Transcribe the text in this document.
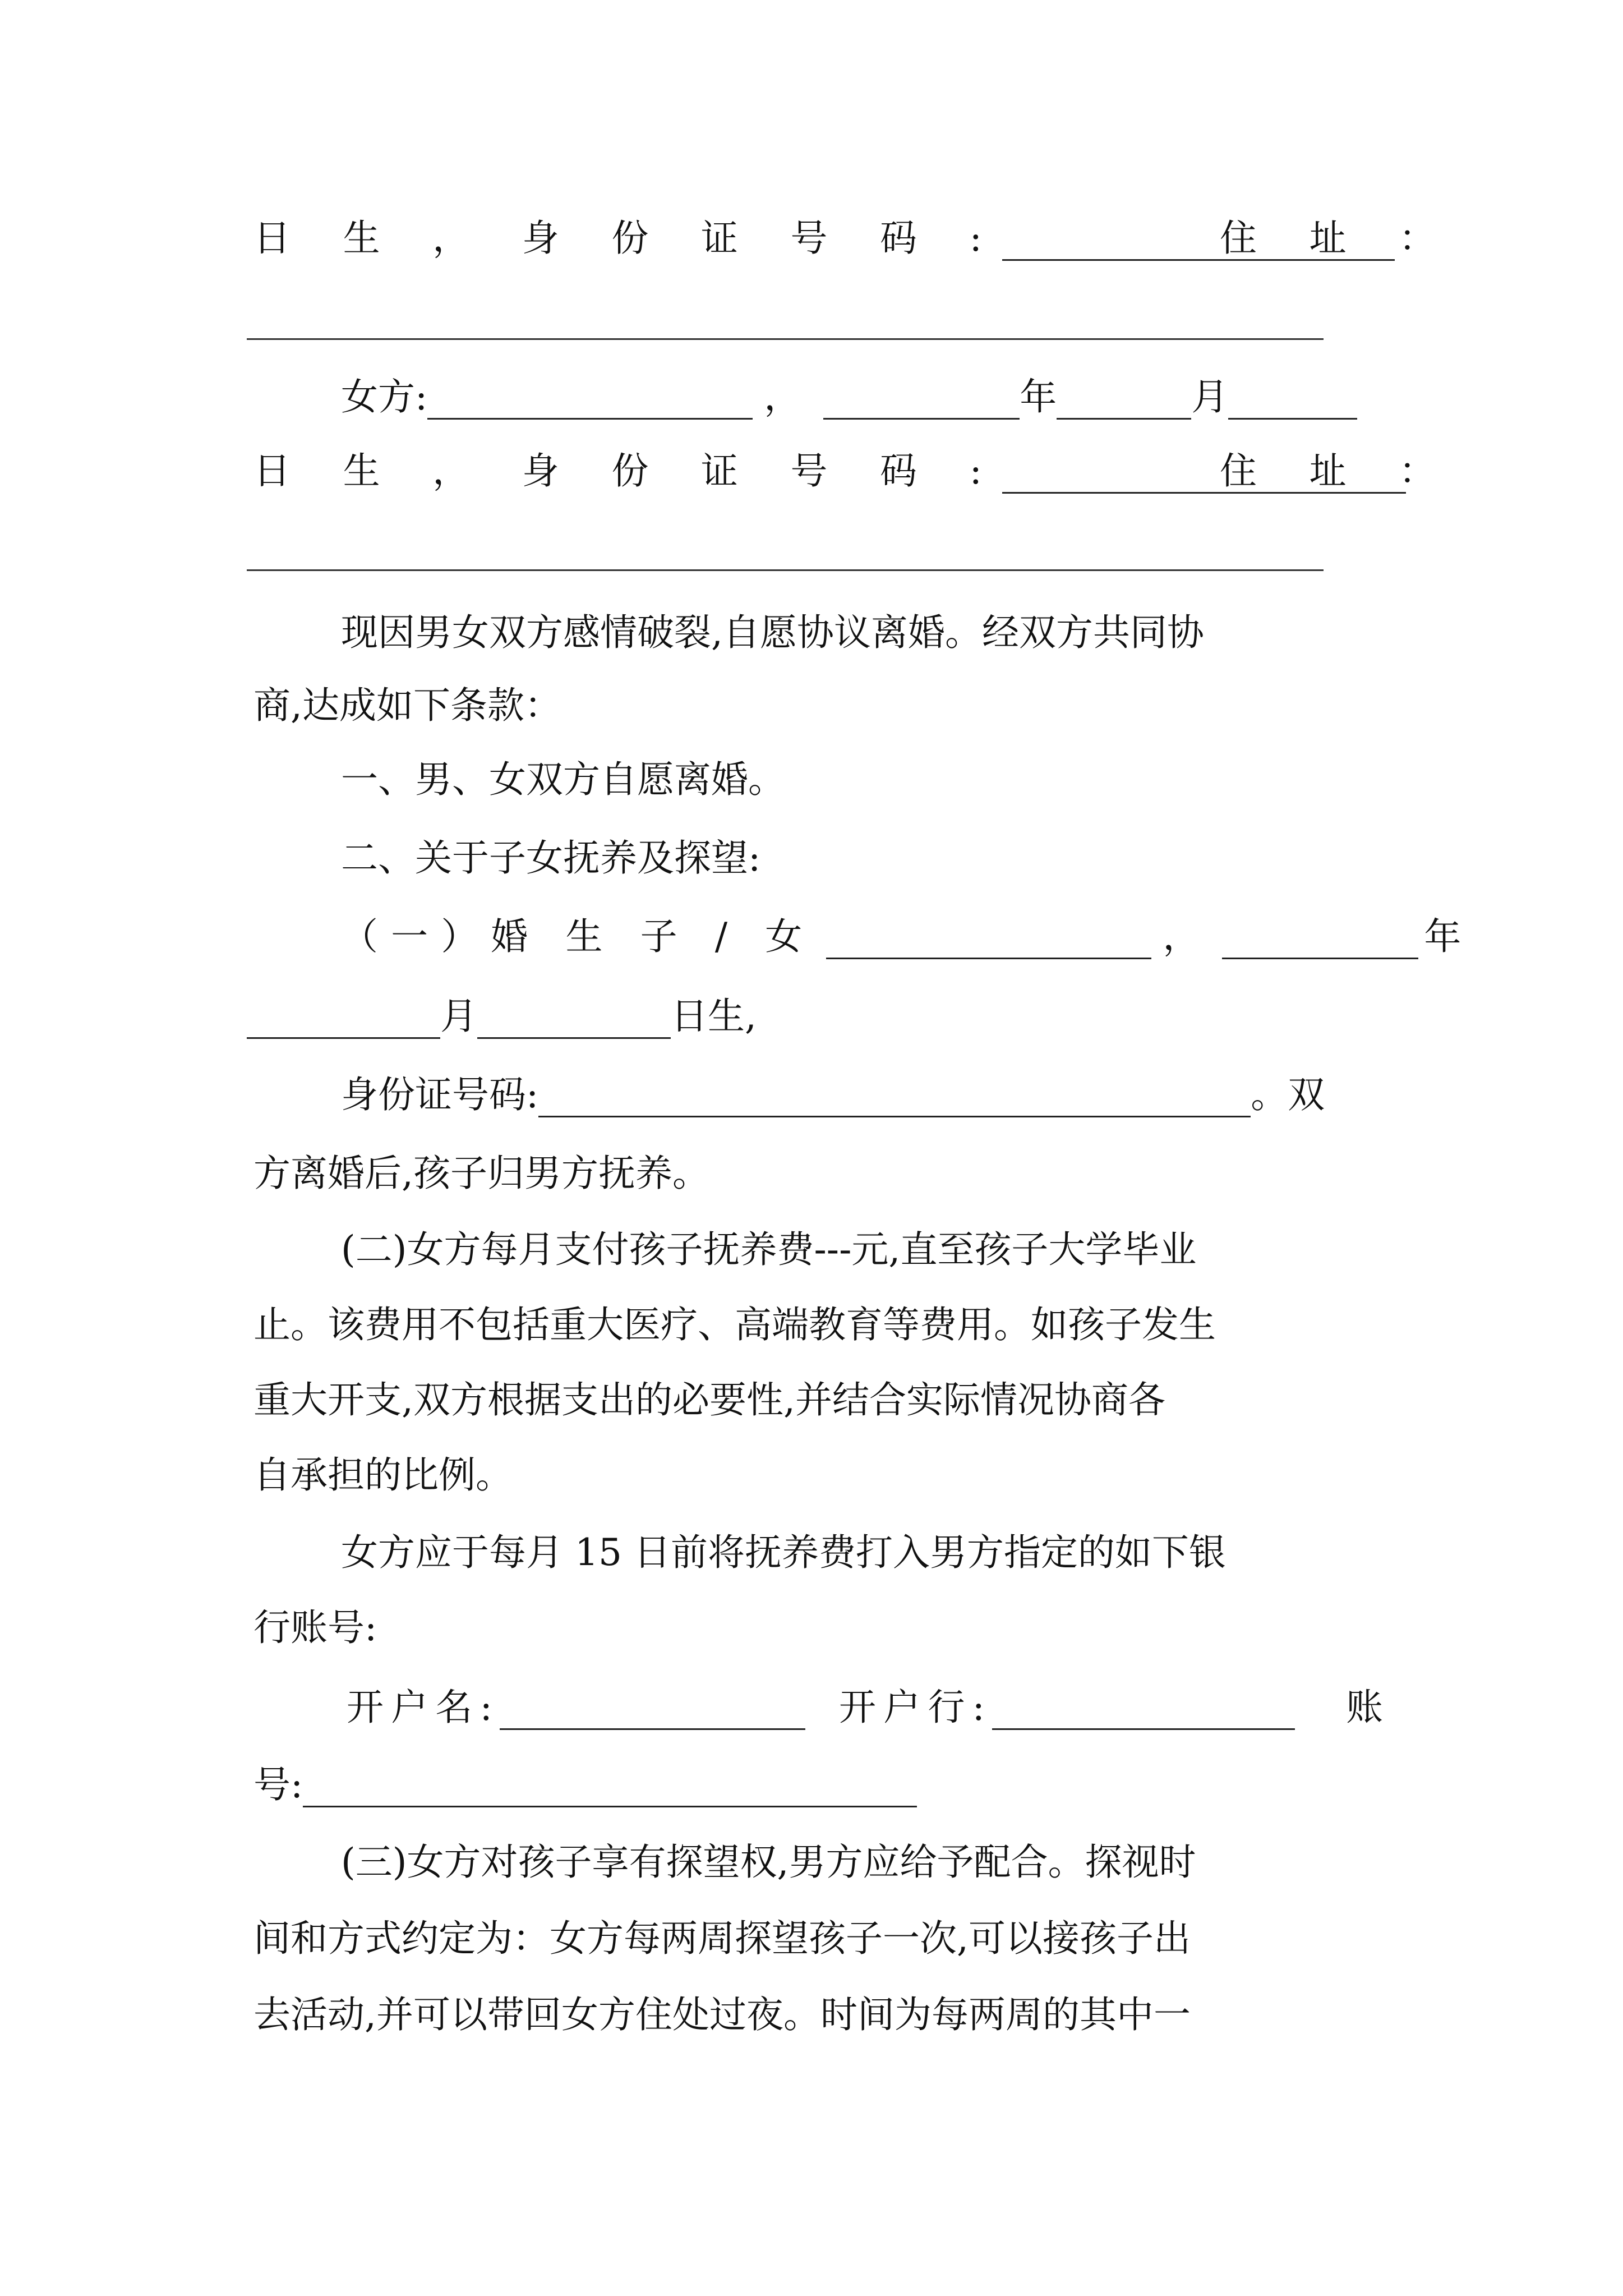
日 生 ， 身 份 证 号 码 :	住 址 ：
女方:	，	年	月
日 生 ， 身 份 证 号 码 :	住 址 ：
现因男女双方感情破裂,自愿协议离婚。经双方共同协
商,达成如下条款：
一、男、女双方自愿离婚。
二、关于子女抚养及探望:
（一）婚 生 子 / 女	，	年
月	日生,
身份证号码:	。双
方离婚后,孩子归男方抚养。
(二)女方每月支付孩子抚养费---元,直至孩子大学毕业
止。该费用不包括重大医疗、高端教育等费用。如孩子发生
重大开支,双方根据支出的必要性,并结合实际情况协商各
自承担的比例。
女方应于每月 15 日前将抚养费打入男方指定的如下银
行账号:
开户名:	开户行:	账
号:
(三)女方对孩子享有探望权,男方应给予配合。探视时
间和方式约定为：女方每两周探望孩子一次,可以接孩子出
去活动,并可以带回女方住处过夜。时间为每两周的其中一
